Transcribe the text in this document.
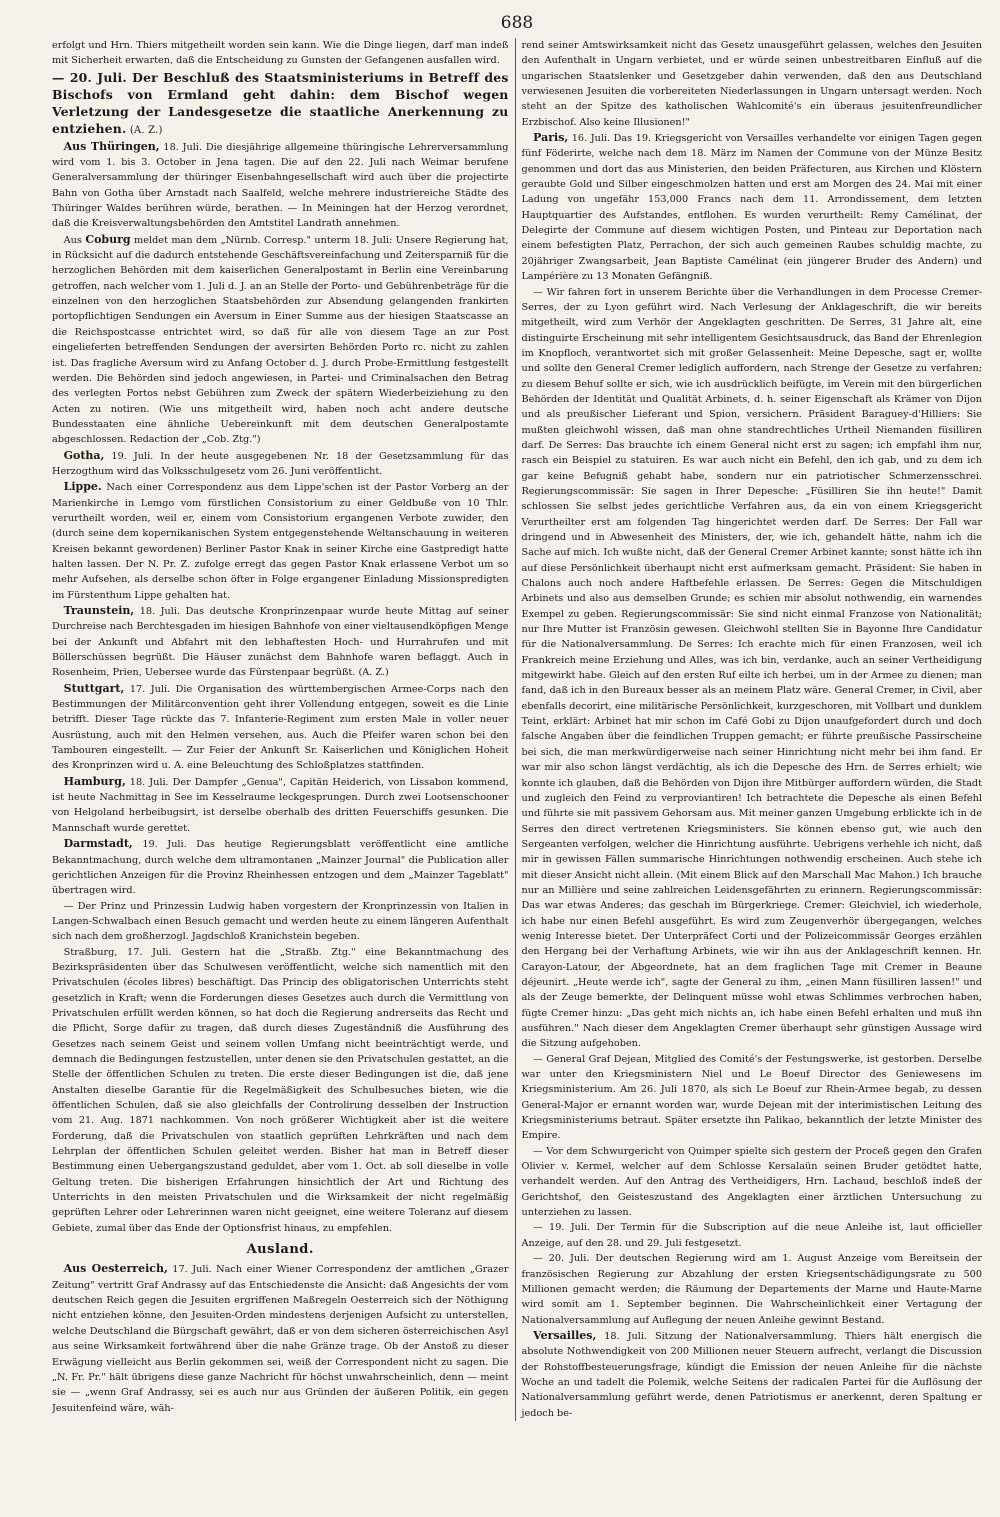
688

erfolgt und Hrn. Thiers mitgetheilt worden sein kann. Wie die Dinge liegen, darf man indeß mit Sicherheit erwarten, daß die Entscheidung zu Gunsten der Gefangenen ausfallen wird.

— 20. Juli. Der Beschluß des Staatsministeriums in Betreff des Bischofs von Ermland geht dahin: dem Bischof wegen Verletzung der Landesgesetze die staatliche Anerkennung zu entziehen. (A. Z.)

Aus Thüringen, 18. Juli. Die diesjährige allgemeine thüringische Lehrerversammlung wird vom 1. bis 3. October in Jena tagen. Die auf den 22. Juli nach Weimar berufene Generalversammlung der thüringer Eisenbahngesellschaft wird auch über die projectirte Bahn von Gotha über Arnstadt nach Saalfeld, welche mehrere industriereiche Städte des Thüringer Waldes berühren würde, berathen. — In Meiningen hat der Herzog verordnet, daß die Kreisverwaltungsbehörden den Amtstitel Landrath annehmen.

Aus Coburg meldet man dem „Nürnb. Corresp." unterm 18. Juli: Unsere Regierung hat, in Rücksicht auf die dadurch entstehende Geschäftsvereinfachung und Zeitersparniß für die herzoglichen Behörden mit dem kaiserlichen Generalpostamt in Berlin eine Vereinbarung getroffen, nach welcher vom 1. Juli d. J. an an Stelle der Porto- und Gebührenbeträge für die einzelnen von den herzoglichen Staatsbehörden zur Absendung gelangenden frankirten portopflichtigen Sendungen ein Aversum in Einer Summe aus der hiesigen Staatscasse an die Reichspostcasse entrichtet wird, so daß für alle von diesem Tage an zur Post eingelieferten betreffenden Sendungen der aversirten Behörden Porto rc. nicht zu zahlen ist. Das fragliche Aversum wird zu Anfang October d. J. durch Probe-Ermittlung festgestellt werden. Die Behörden sind jedoch angewiesen, in Partei- und Criminalsachen den Betrag des verlegten Portos nebst Gebühren zum Zweck der spätern Wiederbeiziehung zu den Acten zu notiren. (Wie uns mitgetheilt wird, haben noch acht andere deutsche Bundesstaaten eine ähnliche Uebereinkunft mit dem deutschen Generalpostamte abgeschlossen. Redaction der „Cob. Ztg.")

Gotha, 19. Juli. In der heute ausgegebenen Nr. 18 der Gesetzsammlung für das Herzogthum wird das Volksschulgesetz vom 26. Juni veröffentlicht.

Lippe. Nach einer Correspondenz aus dem Lippe'schen ist der Pastor Vorberg an der Marienkirche in Lemgo vom fürstlichen Consistorium zu einer Geldbuße von 10 Thlr. verurtheilt worden, weil er, einem vom Consistorium ergangenen Verbote zuwider, den (durch seine dem kopernikanischen System entgegenstehende Weltanschauung in weiteren Kreisen bekannt gewordenen) Berliner Pastor Knak in seiner Kirche eine Gastpredigt hatte halten lassen. Der N. Pr. Z. zufolge erregt das gegen Pastor Knak erlassene Verbot um so mehr Aufsehen, als derselbe schon öfter in Folge ergangener Einladung Missionspredigten im Fürstenthum Lippe gehalten hat.

Traunstein, 18. Juli. Das deutsche Kronprinzenpaar wurde heute Mittag auf seiner Durchreise nach Berchtesgaden im hiesigen Bahnhofe von einer vieltausendköpfigen Menge bei der Ankunft und Abfahrt mit den lebhaftesten Hoch- und Hurrahrufen und mit Böllerschüssen begrüßt. Die Häuser zunächst dem Bahnhofe waren beflaggt. Auch in Rosenheim, Prien, Uebersee wurde das Fürstenpaar begrüßt. (A. Z.)

Stuttgart, 17. Juli. Die Organisation des württembergischen Armee-Corps nach den Bestimmungen der Militärconvention geht ihrer Vollendung entgegen, soweit es die Linie betrifft. Dieser Tage rückte das 7. Infanterie-Regiment zum ersten Male in voller neuer Ausrüstung, auch mit den Helmen versehen, aus. Auch die Pfeifer waren schon bei den Tambouren eingestellt. — Zur Feier der Ankunft Sr. Kaiserlichen und Königlichen Hoheit des Kronprinzen wird u. A. eine Beleuchtung des Schloßplatzes stattfinden.

Hamburg, 18. Juli. Der Dampfer „Genua", Capitän Heiderich, von Lissabon kommend, ist heute Nachmittag in See im Kesselraume leckgesprungen. Durch zwei Lootsenschooner von Helgoland herbeibugsirt, ist derselbe oberhalb des dritten Feuerschiffs gesunken. Die Mannschaft wurde gerettet.

Darmstadt, 19. Juli. Das heutige Regierungsblatt veröffentlicht eine amtliche Bekanntmachung, durch welche dem ultramontanen „Mainzer Journal" die Publication aller gerichtlichen Anzeigen für die Provinz Rheinhessen entzogen und dem „Mainzer Tageblatt" übertragen wird.

— Der Prinz und Prinzessin Ludwig haben vorgestern der Kronprinzessin von Italien in Langen-Schwalbach einen Besuch gemacht und werden heute zu einem längeren Aufenthalt sich nach dem großherzogl. Jagdschloß Kranichstein begeben.

Straßburg, 17. Juli. Gestern hat die „Straßb. Ztg." eine Bekanntmachung des Bezirkspräsidenten über das Schulwesen veröffentlicht, welche sich namentlich mit den Privatschulen (écoles libres) beschäftigt. Das Princip des obligatorischen Unterrichts steht gesetzlich in Kraft; wenn die Forderungen dieses Gesetzes auch durch die Vermittlung von Privatschulen erfüllt werden können, so hat doch die Regierung andrerseits das Recht und die Pflicht, Sorge dafür zu tragen, daß durch dieses Zugeständniß die Ausführung des Gesetzes nach seinem Geist und seinem vollen Umfang nicht beeinträchtigt werde, und demnach die Bedingungen festzustellen, unter denen sie den Privatschulen gestattet, an die Stelle der öffentlichen Schulen zu treten. Die erste dieser Bedingungen ist die, daß jene Anstalten dieselbe Garantie für die Regelmäßigkeit des Schulbesuches bieten, wie die öffentlichen Schulen, daß sie also gleichfalls der Controlirung desselben der Instruction vom 21. Aug. 1871 nachkommen. Von noch größerer Wichtigkeit aber ist die weitere Forderung, daß die Privatschulen von staatlich geprüften Lehrkräften und nach dem Lehrplan der öffentlichen Schulen geleitet werden. Bisher hat man in Betreff dieser Bestimmung einen Uebergangszustand geduldet, aber vom 1. Oct. ab soll dieselbe in volle Geltung treten. Die bisherigen Erfahrungen hinsichtlich der Art und Richtung des Unterrichts in den meisten Privatschulen und die Wirksamkeit der nicht regelmäßig geprüften Lehrer oder Lehrerinnen waren nicht geeignet, eine weitere Toleranz auf diesem Gebiete, zumal über das Ende der Optionsfrist hinaus, zu empfehlen.

Ausland.

Aus Oesterreich, 17. Juli. Nach einer Wiener Correspondenz der amtlichen „Grazer Zeitung" vertritt Graf Andrassy auf das Entschiedenste die Ansicht: daß Angesichts der vom deutschen Reich gegen die Jesuiten ergriffenen Maßregeln Oesterreich sich der Nöthigung nicht entziehen könne, den Jesuiten-Orden mindestens derjenigen Aufsicht zu unterstellen, welche Deutschland die Bürgschaft gewährt, daß er von dem sicheren österreichischen Asyl aus seine Wirksamkeit fortwährend über die nahe Gränze trage. Ob der Anstoß zu dieser Erwägung vielleicht aus Berlin gekommen sei, weiß der Correspondent nicht zu sagen. Die „N. Fr. Pr." hält übrigens diese ganze Nachricht für höchst unwahrscheinlich, denn — meint sie — „wenn Graf Andrassy, sei es auch nur aus Gründen der äußeren Politik, ein gegen Jesuitenfeind wäre, wäh-

rend seiner Amtswirksamkeit nicht das Gesetz unausgeführt gelassen, welches den Jesuiten den Aufenthalt in Ungarn verbietet, und er würde seinen unbestreitbaren Einfluß auf die ungarischen Staatslenker und Gesetzgeber dahin verwenden, daß den aus Deutschland verwiesenen Jesuiten die vorbereiteten Niederlassungen in Ungarn untersagt werden. Noch steht an der Spitze des katholischen Wahlcomité's ein überaus jesuitenfreundlicher Erzbischof. Also keine Illusionen!"

Paris, 16. Juli. Das 19. Kriegsgericht von Versailles verhandelte vor einigen Tagen gegen fünf Föderirte, welche nach dem 18. März im Namen der Commune von der Münze Besitz genommen und dort das aus Ministerien, den beiden Präfecturen, aus Kirchen und Klöstern geraubte Gold und Silber eingeschmolzen hatten und erst am Morgen des 24. Mai mit einer Ladung von ungefähr 153,000 Francs nach dem 11. Arrondissement, dem letzten Hauptquartier des Aufstandes, entflohen. Es wurden verurtheilt: Remy Camélinat, der Delegirte der Commune auf diesem wichtigen Posten, und Pinteau zur Deportation nach einem befestigten Platz, Perrachon, der sich auch gemeinen Raubes schuldig machte, zu 20jähriger Zwangsarbeit, Jean Baptiste Camélinat (ein jüngerer Bruder des Andern) und Lampérière zu 13 Monaten Gefängniß.

— Wir fahren fort in unserem Berichte über die Verhandlungen in dem Processe Cremer-Serres, der zu Lyon geführt wird. Nach Verlesung der Anklageschrift, die wir bereits mitgetheilt, wird zum Verhör der Angeklagten geschritten. De Serres, 31 Jahre alt, eine distinguirte Erscheinung mit sehr intelligentem Gesichtsausdruck, das Band der Ehrenlegion im Knopfloch, verantwortet sich mit großer Gelassenheit: Meine Depesche, sagt er, wollte und sollte den General Cremer lediglich auffordern, nach Strenge der Gesetze zu verfahren; zu diesem Behuf sollte er sich, wie ich ausdrücklich beifügte, im Verein mit den bürgerlichen Behörden der Identität und Qualität Arbinets, d. h. seiner Eigenschaft als Krämer von Dijon und als preußischer Lieferant und Spion, versichern. Präsident Baraguey-d'Hilliers: Sie mußten gleichwohl wissen, daß man ohne standrechtliches Urtheil Niemanden füsilliren darf. De Serres: Das brauchte ich einem General nicht erst zu sagen; ich empfahl ihm nur, rasch ein Beispiel zu statuiren. Es war auch nicht ein Befehl, den ich gab, und zu dem ich gar keine Befugniß gehabt habe, sondern nur ein patriotischer Schmerzensschrei. Regierungscommissär: Sie sagen in Ihrer Depesche: „Füsilliren Sie ihn heute!" Damit schlossen Sie selbst jedes gerichtliche Verfahren aus, da ein von einem Kriegsgericht Verurtheilter erst am folgenden Tag hingerichtet werden darf. De Serres: Der Fall war dringend und in Abwesenheit des Ministers, der, wie ich, gehandelt hätte, nahm ich die Sache auf mich. Ich wußte nicht, daß der General Cremer Arbinet kannte; sonst hätte ich ihn auf diese Persönlichkeit überhaupt nicht erst aufmerksam gemacht. Präsident: Sie haben in Chalons auch noch andere Haftbefehle erlassen. De Serres: Gegen die Mitschuldigen Arbinets und also aus demselben Grunde; es schien mir absolut nothwendig, ein warnendes Exempel zu geben. Regierungscommissär: Sie sind nicht einmal Franzose von Nationalität; nur Ihre Mutter ist Französin gewesen. Gleichwohl stellten Sie in Bayonne Ihre Candidatur für die Nationalversammlung. De Serres: Ich erachte mich für einen Franzosen, weil ich Frankreich meine Erziehung und Alles, was ich bin, verdanke, auch an seiner Vertheidigung mitgewirkt habe. Gleich auf den ersten Ruf eilte ich herbei, um in der Armee zu dienen; man fand, daß ich in den Bureaux besser als an meinem Platz wäre. General Cremer, in Civil, aber ebenfalls decorirt, eine militärische Persönlichkeit, kurzgeschoren, mit Vollbart und dunklem Teint, erklärt: Arbinet hat mir schon im Café Gobi zu Dijon unaufgefordert durch und doch falsche Angaben über die feindlichen Truppen gemacht; er führte preußische Passirscheine bei sich, die man merkwürdigerweise nach seiner Hinrichtung nicht mehr bei ihm fand. Er war mir also schon längst verdächtig, als ich die Depesche des Hrn. de Serres erhielt; wie konnte ich glauben, daß die Behörden von Dijon ihre Mitbürger auffordern würden, die Stadt und zugleich den Feind zu verproviantiren! Ich betrachtete die Depesche als einen Befehl und führte sie mit passivem Gehorsam aus. Mit meiner ganzen Umgebung erblickte ich in de Serres den direct vertretenen Kriegsministers. Sie können ebenso gut, wie auch den Sergeanten verfolgen, welcher die Hinrichtung ausführte. Uebrigens verhehle ich nicht, daß mir in gewissen Fällen summarische Hinrichtungen nothwendig erscheinen. Auch stehe ich mit dieser Ansicht nicht allein. (Mit einem Blick auf den Marschall Mac Mahon.) Ich brauche nur an Millière und seine zahlreichen Leidensgefährten zu erinnern. Regierungscommissär: Das war etwas Anderes; das geschah im Bürgerkriege. Cremer: Gleichviel, ich wiederhole, ich habe nur einen Befehl ausgeführt. Es wird zum Zeugenverhör übergegangen, welches wenig Interesse bietet. Der Unterpräfect Corti und der Polizeicommissär Georges erzählen den Hergang bei der Verhaftung Arbinets, wie wir ihn aus der Anklageschrift kennen. Hr. Carayon-Latour, der Abgeordnete, hat an dem fraglichen Tage mit Cremer in Beaune déjeunirt. „Heute werde ich", sagte der General zu ihm, „einen Mann füsilliren lassen!" und als der Zeuge bemerkte, der Delinquent müsse wohl etwas Schlimmes verbrochen haben, fügte Cremer hinzu: „Das geht mich nichts an, ich habe einen Befehl erhalten und muß ihn ausführen." Nach dieser dem Angeklagten Cremer überhaupt sehr günstigen Aussage wird die Sitzung aufgehoben.

— General Graf Dejean, Mitglied des Comité's der Festungswerke, ist gestorben. Derselbe war unter den Kriegsministern Niel und Le Boeuf Director des Geniewesens im Kriegsministerium. Am 26. Juli 1870, als sich Le Boeuf zur Rhein-Armee begab, zu dessen General-Major er ernannt worden war, wurde Dejean mit der interimistischen Leitung des Kriegsministeriums betraut. Später ersetzte ihn Palikao, bekanntlich der letzte Minister des Empire.

— Vor dem Schwurgericht von Quimper spielte sich gestern der Proceß gegen den Grafen Olivier v. Kermel, welcher auf dem Schlosse Kersalaün seinen Bruder getödtet hatte, verhandelt werden. Auf den Antrag des Vertheidigers, Hrn. Lachaud, beschloß indeß der Gerichtshof, den Geisteszustand des Angeklagten einer ärztlichen Untersuchung zu unterziehen zu lassen.

— 19. Juli. Der Termin für die Subscription auf die neue Anleihe ist, laut officieller Anzeige, auf den 28. und 29. Juli festgesetzt.

— 20. Juli. Der deutschen Regierung wird am 1. August Anzeige vom Bereitsein der französischen Regierung zur Abzahlung der ersten Kriegsentschädigungsrate zu 500 Millionen gemacht werden; die Räumung der Departements der Marne und Haute-Marne wird somit am 1. September beginnen. Die Wahrscheinlichkeit einer Vertagung der Nationalversammlung auf Auflegung der neuen Anleihe gewinnt Bestand.

Versailles, 18. Juli. Sitzung der Nationalversammlung. Thiers hält energisch die absolute Nothwendigkeit von 200 Millionen neuer Steuern aufrecht, verlangt die Discussion der Rohstoffbesteuerungsfrage, kündigt die Emission der neuen Anleihe für die nächste Woche an und tadelt die Polemik, welche Seitens der radicalen Partei für die Auflösung der Nationalversammlung geführt werde, denen Patriotismus er anerkennt, deren Spaltung er jedoch be-
